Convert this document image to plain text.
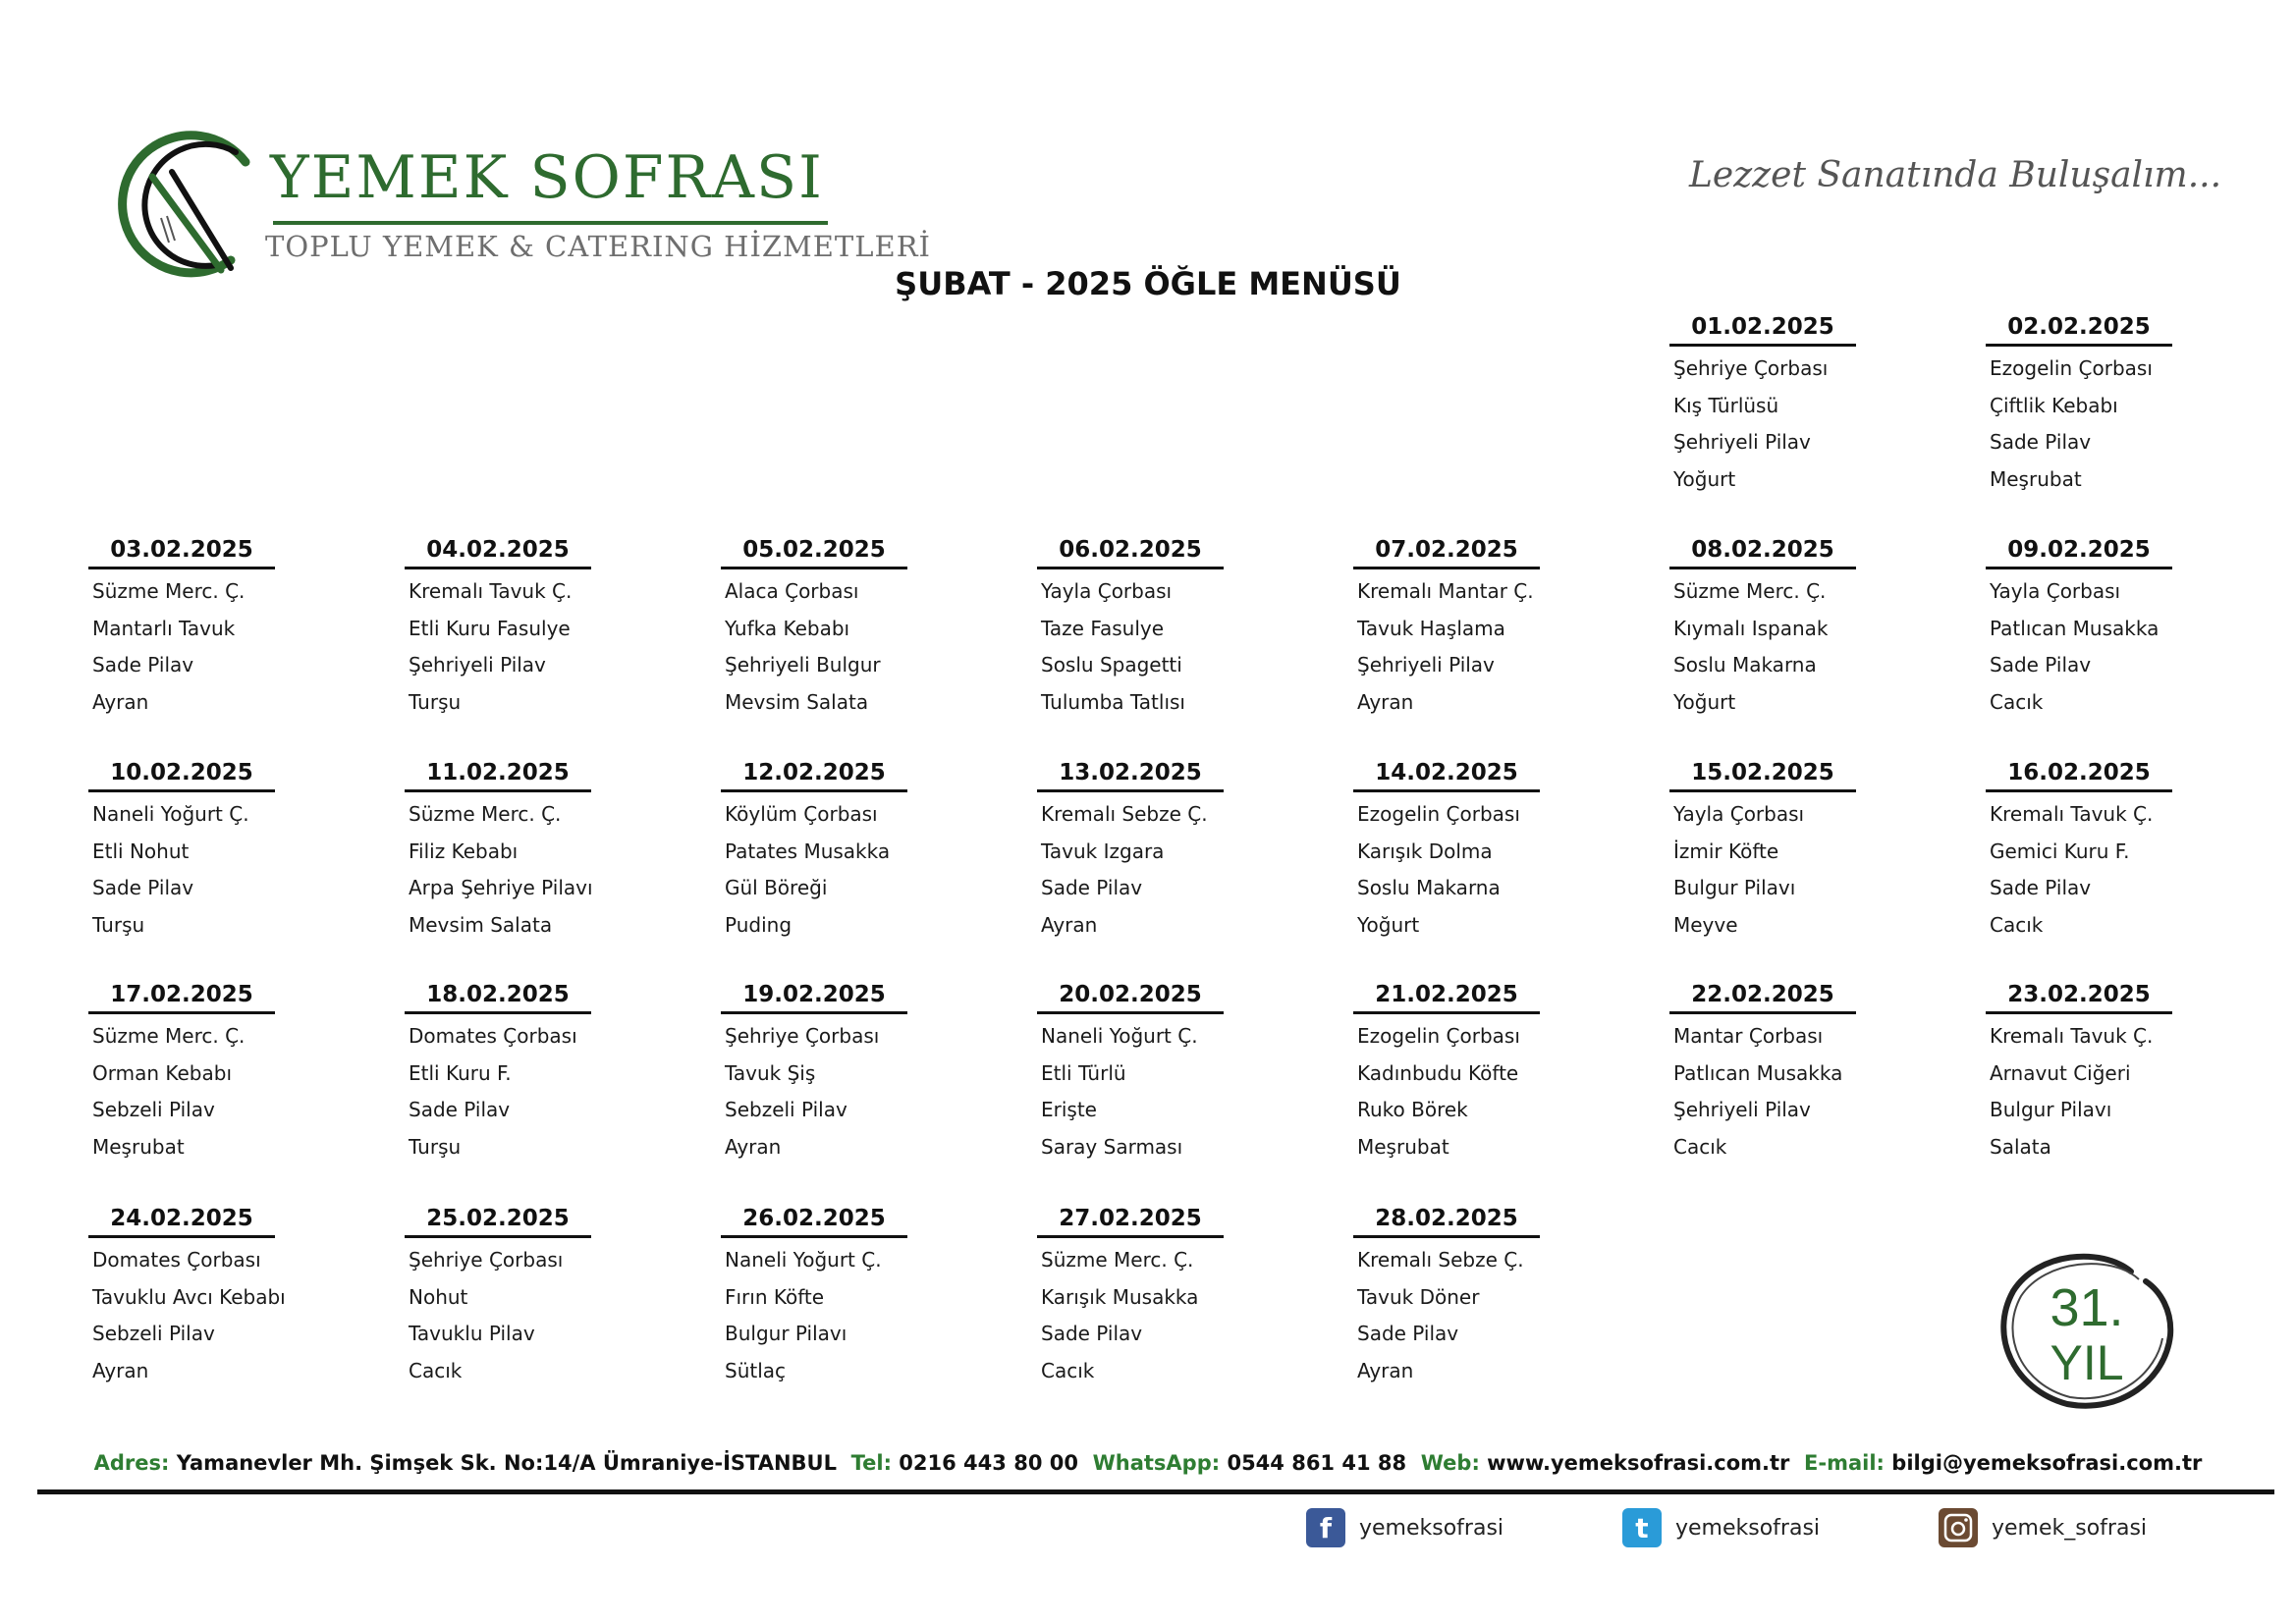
YEMEK SOFRASI
TOPLU YEMEK & CATERING HİZMETLERİ
Lezzet Sanatında Buluşalım...
ŞUBAT - 2025 ÖĞLE MENÜSÜ
01.02.2025
Şehriye Çorbası
Kış Türlüsü
Şehriyeli Pilav
Yoğurt
02.02.2025
Ezogelin Çorbası
Çiftlik Kebabı
Sade Pilav
Meşrubat
03.02.2025
Süzme Merc. Ç.
Mantarlı Tavuk
Sade Pilav
Ayran
04.02.2025
Kremalı Tavuk Ç.
Etli Kuru Fasulye
Şehriyeli Pilav
Turşu
05.02.2025
Alaca Çorbası
Yufka Kebabı
Şehriyeli Bulgur
Mevsim Salata
06.02.2025
Yayla Çorbası
Taze Fasulye
Soslu Spagetti
Tulumba Tatlısı
07.02.2025
Kremalı Mantar Ç.
Tavuk Haşlama
Şehriyeli Pilav
Ayran
08.02.2025
Süzme Merc. Ç.
Kıymalı Ispanak
Soslu Makarna
Yoğurt
09.02.2025
Yayla Çorbası
Patlıcan Musakka
Sade Pilav
Cacık
10.02.2025
Naneli Yoğurt Ç.
Etli Nohut
Sade Pilav
Turşu
11.02.2025
Süzme Merc. Ç.
Filiz Kebabı
Arpa Şehriye Pilavı
Mevsim Salata
12.02.2025
Köylüm Çorbası
Patates Musakka
Gül Böreği
Puding
13.02.2025
Kremalı Sebze Ç.
Tavuk Izgara
Sade Pilav
Ayran
14.02.2025
Ezogelin Çorbası
Karışık Dolma
Soslu Makarna
Yoğurt
15.02.2025
Yayla Çorbası
İzmir Köfte
Bulgur Pilavı
Meyve
16.02.2025
Kremalı Tavuk Ç.
Gemici Kuru F.
Sade Pilav
Cacık
17.02.2025
Süzme Merc. Ç.
Orman Kebabı
Sebzeli Pilav
Meşrubat
18.02.2025
Domates Çorbası
Etli Kuru F.
Sade Pilav
Turşu
19.02.2025
Şehriye Çorbası
Tavuk Şiş
Sebzeli Pilav
Ayran
20.02.2025
Naneli Yoğurt Ç.
Etli Türlü
Erişte
Saray Sarması
21.02.2025
Ezogelin Çorbası
Kadınbudu Köfte
Ruko Börek
Meşrubat
22.02.2025
Mantar Çorbası
Patlıcan Musakka
Şehriyeli Pilav
Cacık
23.02.2025
Kremalı Tavuk Ç.
Arnavut Ciğeri
Bulgur Pilavı
Salata
24.02.2025
Domates Çorbası
Tavuklu Avcı Kebabı
Sebzeli Pilav
Ayran
25.02.2025
Şehriye Çorbası
Nohut
Tavuklu Pilav
Cacık
26.02.2025
Naneli Yoğurt Ç.
Fırın Köfte
Bulgur Pilavı
Sütlaç
27.02.2025
Süzme Merc. Ç.
Karışık Musakka
Sade Pilav
Cacık
28.02.2025
Kremalı Sebze Ç.
Tavuk Döner
Sade Pilav
Ayran
31.
YIL
Adres: Yamanevler Mh. Şimşek Sk. No:14/A Ümraniye-İSTANBUL Tel: 0216 443 80 00 WhatsApp: 0544 861 41 88 Web: www.yemeksofrasi.com.tr E-mail: bilgi@yemeksofrasi.com.tr
f	yemeksofrasi	t	yemeksofrasi	yemek_sofrasi
